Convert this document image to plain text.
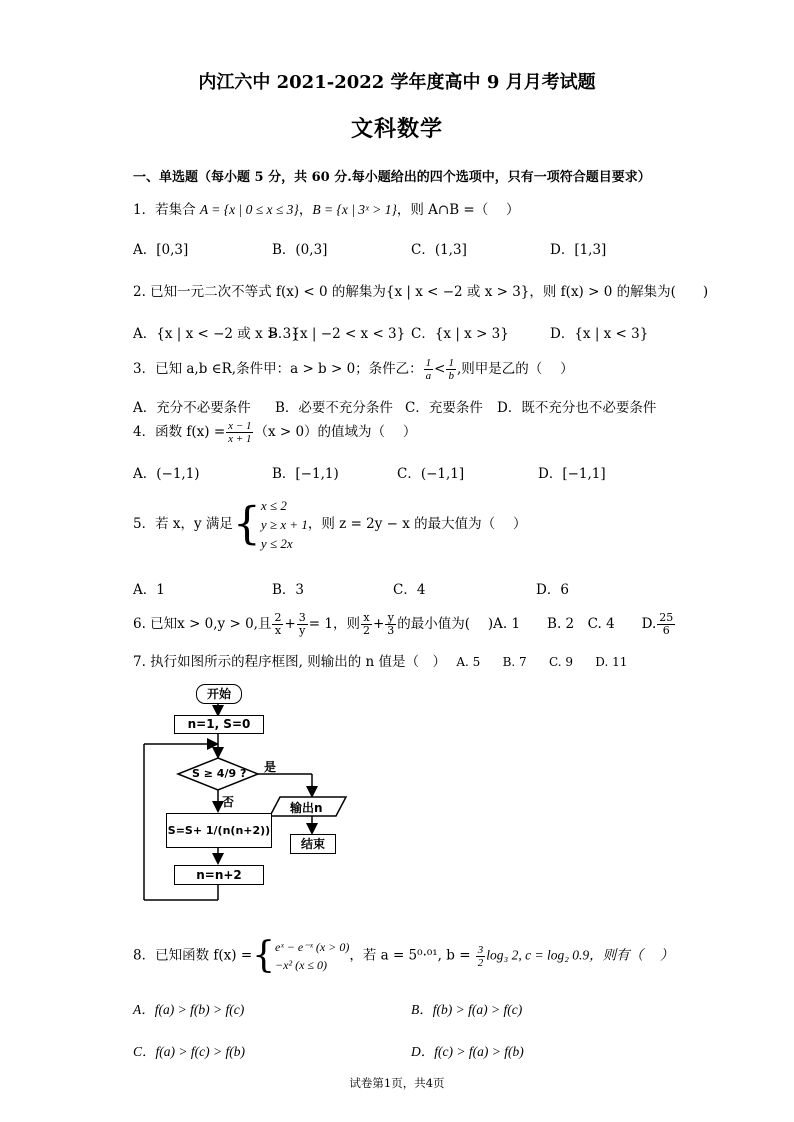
内江六中 2021-2022 学年度高中 9 月月考试题
文科数学
一、单选题（每小题 5 分，共 60 分.每小题给出的四个选项中，只有一项符合题目要求）
1．若集合 A = {x | 0 ≤ x ≤ 3}，B = {x | 3ˣ > 1}，则 A∩B =（　 ）
A．[0,3]	B．(0,3]	C．(1,3]	D．[1,3]
2. 已知一元二次不等式 f(x) < 0 的解集为{x | x < −2 或 x > 3}，则 f(x) > 0 的解集为(　　)
A．{x | x < −2 或 x > 3}
B．{x | −2 < x < 3} C．{x | x > 3}	D．{x | x < 3}
3．已知 a,b ∈R,条件甲：a > b > 0；条件乙： $\frac{1}{a} < \frac{1}{b}$ ,则甲是乙的（　 ）
A．充分不必要条件 B．必要不充分条件 C．充要条件 D．既不充分也不必要条件
4．函数 $f(x) = \frac{x - 1}{x + 1} (x > 0)$的值域为（　 ）
A．(−1,1)	B．[−1,1)	C．(−1,1]	D．[−1,1]
5．若 x，y 满足{ x ≤ 2
y ≥ x + 1
y ≤ 2x
，则 z = 2y − x 的最大值为（　 ）
A．1	B．3	C．4	D．6
6. 已知x > 0,y > 0,且 $\frac{2}{x} + \frac{3}{y} = 1$，则 $\frac{x}{2} + \frac{y}{3}$ 的最小值为(　 )A. 1　　B. 2　C. 4　　D. $\frac{25}{6}$
7. 执行如图所示的程序框图, 则输出的 n 值是（　） A. 5 B. 7 C. 9 D. 11
开始
n=1, S=0
S ≥ 4/9 ? 是
否	输出n
结束
S=S+ 1/(n(n+2))
n=n+2
8．已知函数 f(x) ={ eˣ − e⁻ˣ (x > 0)
−x² (x ≤ 0)
，若 a = 5⁰·⁰¹, $b = \frac{3}{2} \log_3$ 2, c = log₂ 0.9，则有（　 ）
A．f(a) > f(b) > f(c)	B．f(b) > f(a) > f(c)
C．f(a) > f(c) > f(b)	D．f(c) > f(a) > f(b)
试卷第1页，共4页
